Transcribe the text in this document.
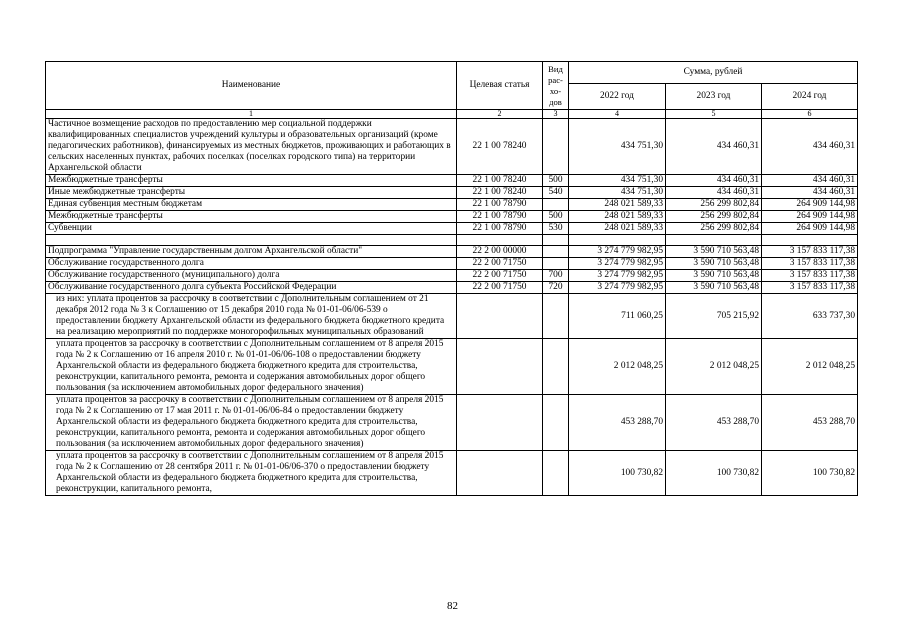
Наименование	Целевая статья	Вид рас-хо-дов	Сумма, рублей		
			2022 год	2023 год	2024 год
1	2	3	4	5	6
Частичное возмещение расходов по предоставлению мер социальной поддержки квалифицированных специалистов учреждений культуры и образовательных организаций (кроме педагогических работников), финансируемых из местных бюджетов, проживающих и работающих в сельских населенных пунктах, рабочих поселках (поселках городского типа) на территории Архангельской области	22 1 00 78240		434 751,30	434 460,31	434 460,31
Межбюджетные трансферты	22 1 00 78240	500	434 751,30	434 460,31	434 460,31
Иные межбюджетные трансферты	22 1 00 78240	540	434 751,30	434 460,31	434 460,31
Единая субвенция местным бюджетам	22 1 00 78790		248 021 589,33	256 299 802,84	264 909 144,98
Межбюджетные трансферты	22 1 00 78790	500	248 021 589,33	256 299 802,84	264 909 144,98
Субвенции	22 1 00 78790	530	248 021 589,33	256 299 802,84	264 909 144,98

Подпрограмма "Управление государственным долгом Архангельской области"	22 2 00 00000		3 274 779 982,95	3 590 710 563,48	3 157 833 117,38
Обслуживание государственного долга	22 2 00 71750		3 274 779 982,95	3 590 710 563,48	3 157 833 117,38
Обслуживание государственного (муниципального) долга	22 2 00 71750	700	3 274 779 982,95	3 590 710 563,48	3 157 833 117,38
Обслуживание государственного долга субъекта Российской Федерации	22 2 00 71750	720	3 274 779 982,95	3 590 710 563,48	3 157 833 117,38
из них: уплата процентов за рассрочку в соответствии с Дополнительным соглашением от 21 декабря 2012 года № 3 к Соглашению от 15 декабря 2010 года № 01-01-06/06-539 о предоставлении бюджету Архангельской области из федерального бюджета бюджетного кредита на реализацию мероприятий по поддержке моногорофильных муниципальных образований			711 060,25	705 215,92	633 737,30
уплата процентов за рассрочку в соответствии с Дополнительным соглашением от 8 апреля 2015 года № 2 к Соглашению от 16 апреля 2010 г. № 01-01-06/06-108 о предоставлении бюджету Архангельской области из федерального бюджета бюджетного кредита для строительства, реконструкции, капитального ремонта, ремонта и содержания автомобильных дорог общего пользования (за исключением автомобильных дорог федерального значения)			2 012 048,25	2 012 048,25	2 012 048,25
уплата процентов за рассрочку в соответствии с Дополнительным соглашением от 8 апреля 2015 года № 2 к Соглашению от 17 мая 2011 г. № 01-01-06/06-84 о предоставлении бюджету Архангельской области из федерального бюджета бюджетного кредита для строительства, реконструкции, капитального ремонта, ремонта и содержания автомобильных дорог общего пользования (за исключением автомобильных дорог федерального значения)			453 288,70	453 288,70	453 288,70
уплата процентов за рассрочку в соответствии с Дополнительным соглашением от 8 апреля 2015 года № 2 к Соглашению от 28 сентября 2011 г. № 01-01-06/06-370 о предоставлении бюджету Архангельской области из федерального бюджета бюджетного кредита для строительства, реконструкции, капитального ремонта,			100 730,82	100 730,82	100 730,82
82
